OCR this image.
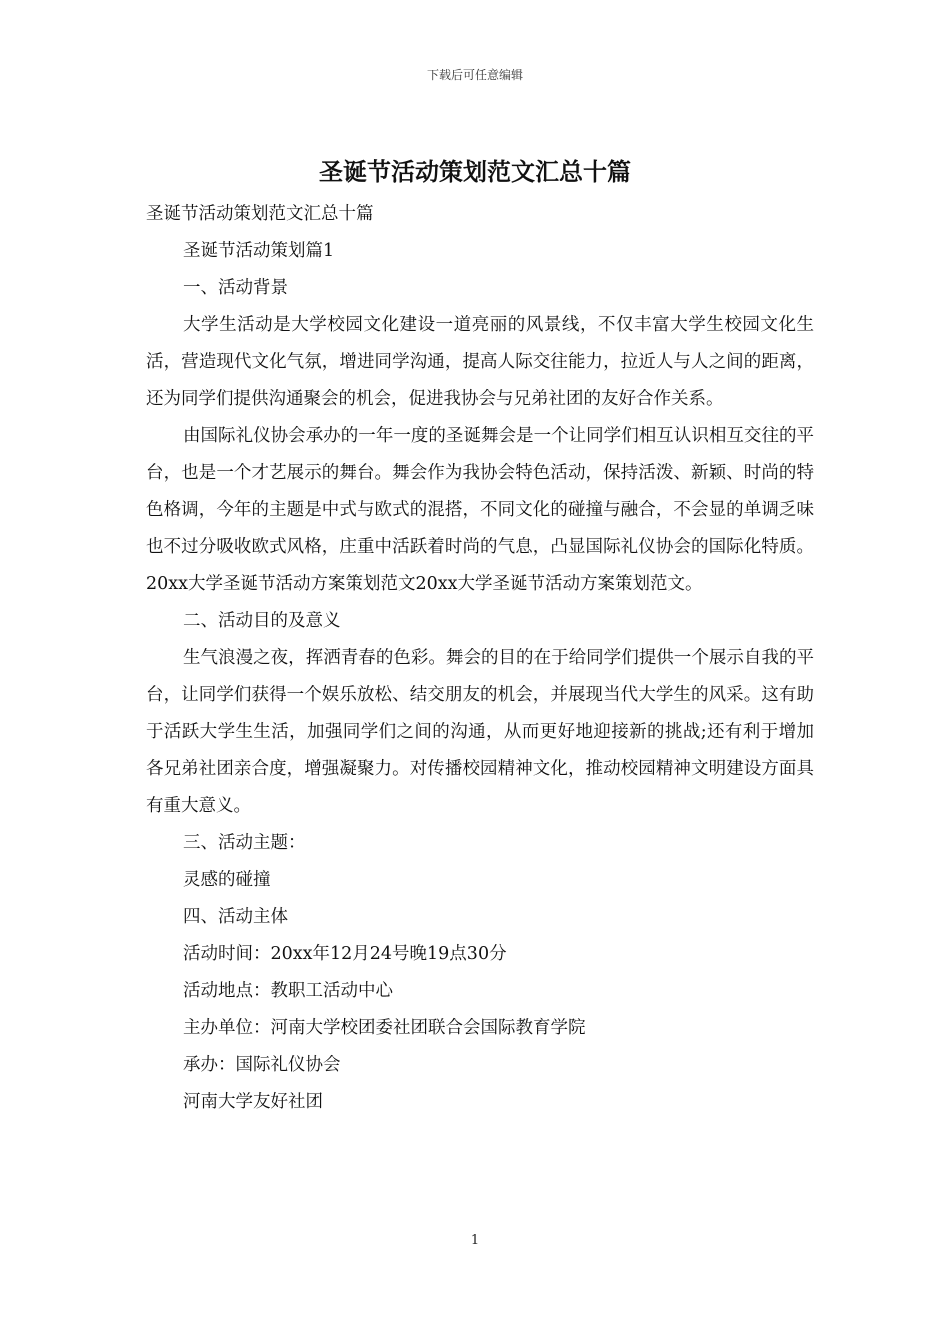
下载后可任意编辑
圣诞节活动策划范文汇总十篇

圣诞节活动策划范文汇总十篇

圣诞节活动策划篇1

一、活动背景

大学生活动是大学校园文化建设一道亮丽的风景线，不仅丰富大学生校园文化生活，营造现代文化气氛，增进同学沟通，提高人际交往能力，拉近人与人之间的距离，还为同学们提供沟通聚会的机会，促进我协会与兄弟社团的友好合作关系。

由国际礼仪协会承办的一年一度的圣诞舞会是一个让同学们相互认识相互交往的平台，也是一个才艺展示的舞台。舞会作为我协会特色活动，保持活泼、新颖、时尚的特色格调，今年的主题是中式与欧式的混搭，不同文化的碰撞与融合，不会显的单调乏味也不过分吸收欧式风格，庄重中活跃着时尚的气息，凸显国际礼仪协会的国际化特质。20xx大学圣诞节活动方案策划范文20xx大学圣诞节活动方案策划范文。

二、活动目的及意义

生气浪漫之夜，挥洒青春的色彩。舞会的目的在于给同学们提供一个展示自我的平台，让同学们获得一个娱乐放松、结交朋友的机会，并展现当代大学生的风采。这有助于活跃大学生生活，加强同学们之间的沟通，从而更好地迎接新的挑战;还有利于增加各兄弟社团亲合度，增强凝聚力。对传播校园精神文化，推动校园精神文明建设方面具有重大意义。

三、活动主题：

灵感的碰撞

四、活动主体

活动时间：20xx年12月24号晚19点30分

活动地点：教职工活动中心

主办单位：河南大学校团委社团联合会国际教育学院

承办：国际礼仪协会

河南大学友好社团

1
